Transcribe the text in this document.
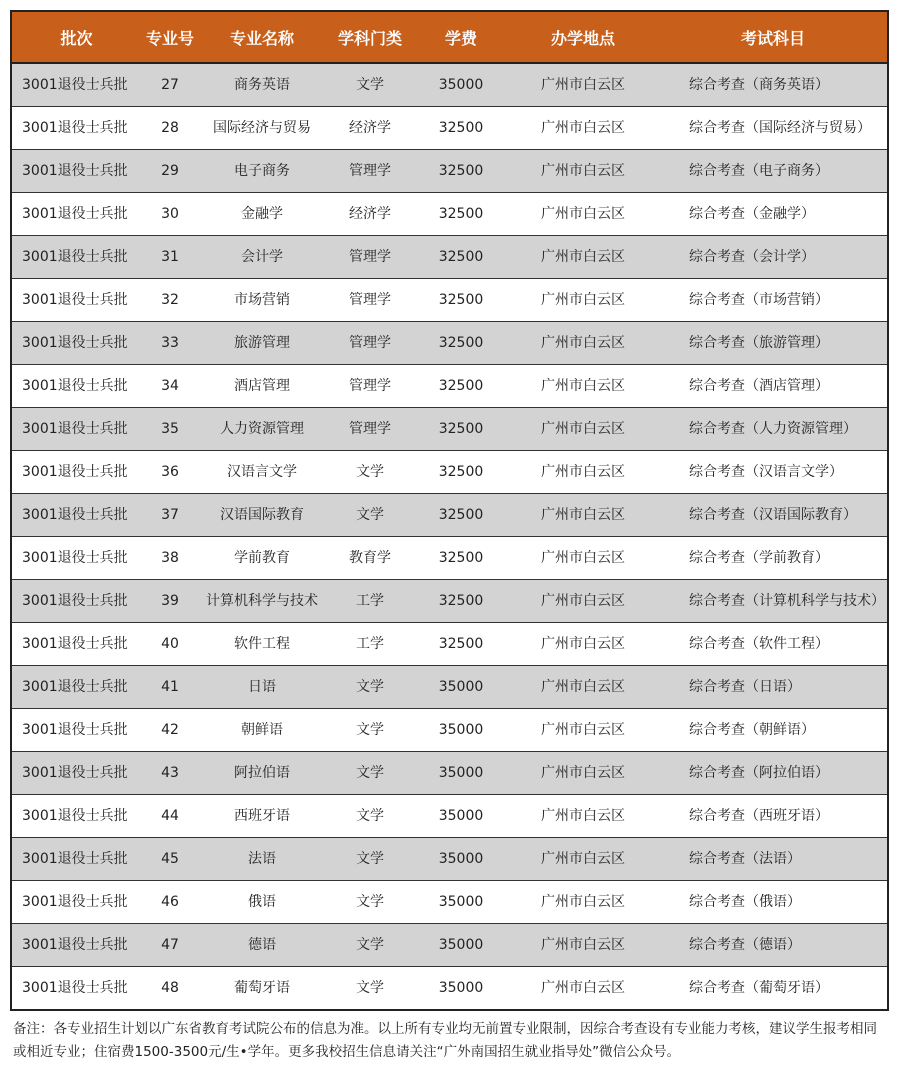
批次	专业号	专业名称	学科门类	学费	办学地点	考试科目
3001退役士兵批	27	商务英语	文学	35000	广州市白云区	综合考查（商务英语）
3001退役士兵批	28	国际经济与贸易	经济学	32500	广州市白云区	综合考查（国际经济与贸易）
3001退役士兵批	29	电子商务	管理学	32500	广州市白云区	综合考查（电子商务）
3001退役士兵批	30	金融学	经济学	32500	广州市白云区	综合考查（金融学）
3001退役士兵批	31	会计学	管理学	32500	广州市白云区	综合考查（会计学）
3001退役士兵批	32	市场营销	管理学	32500	广州市白云区	综合考查（市场营销）
3001退役士兵批	33	旅游管理	管理学	32500	广州市白云区	综合考查（旅游管理）
3001退役士兵批	34	酒店管理	管理学	32500	广州市白云区	综合考查（酒店管理）
3001退役士兵批	35	人力资源管理	管理学	32500	广州市白云区	综合考查（人力资源管理）
3001退役士兵批	36	汉语言文学	文学	32500	广州市白云区	综合考查（汉语言文学）
3001退役士兵批	37	汉语国际教育	文学	32500	广州市白云区	综合考查（汉语国际教育）
3001退役士兵批	38	学前教育	教育学	32500	广州市白云区	综合考查（学前教育）
3001退役士兵批	39	计算机科学与技术	工学	32500	广州市白云区	综合考查（计算机科学与技术）
3001退役士兵批	40	软件工程	工学	32500	广州市白云区	综合考查（软件工程）
3001退役士兵批	41	日语	文学	35000	广州市白云区	综合考查（日语）
3001退役士兵批	42	朝鲜语	文学	35000	广州市白云区	综合考查（朝鲜语）
3001退役士兵批	43	阿拉伯语	文学	35000	广州市白云区	综合考查（阿拉伯语）
3001退役士兵批	44	西班牙语	文学	35000	广州市白云区	综合考查（西班牙语）
3001退役士兵批	45	法语	文学	35000	广州市白云区	综合考查（法语）
3001退役士兵批	46	俄语	文学	35000	广州市白云区	综合考查（俄语）
3001退役士兵批	47	德语	文学	35000	广州市白云区	综合考查（德语）
3001退役士兵批	48	葡萄牙语	文学	35000	广州市白云区	综合考查（葡萄牙语）
备注：各专业招生计划以广东省教育考试院公布的信息为准。以上所有专业均无前置专业限制，因综合考查设有专业能力考核，建议学生报考相同或相近专业；住宿费1500-3500元/生•学年。更多我校招生信息请关注“广外南国招生就业指导处”微信公众号。
